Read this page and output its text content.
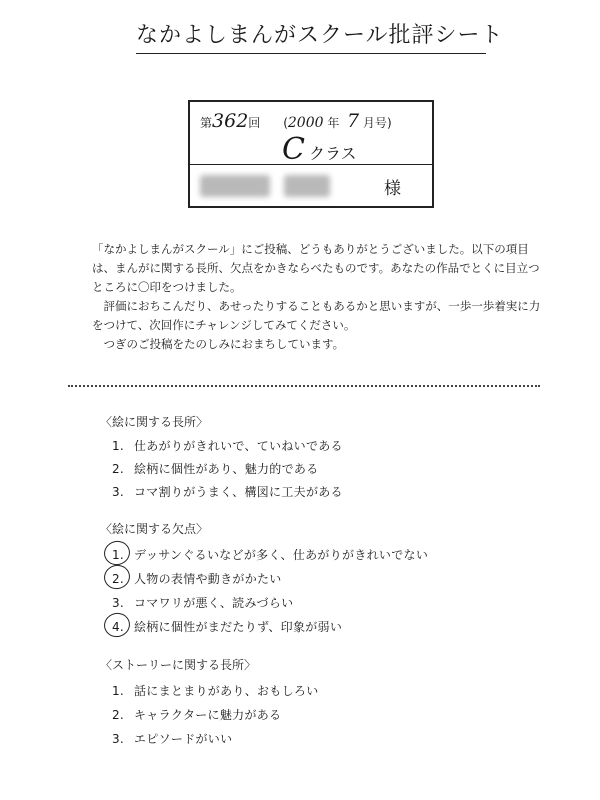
なかよしまんがスクール批評シート
第362回 (2000 年 7 月号)
Cクラス
様

「なかよしまんがスクール」にご投稿、どうもありがとうございました。以下の項目は、まんがに関する長所、欠点をかきならべたものです。あなたの作品でとくに目立つところに〇印をつけました。

評価におちこんだり、あせったりすることもあるかと思いますが、一歩一歩着実に力をつけて、次回作にチャレンジしてみてください。

つぎのご投稿をたのしみにおまちしています。

〈絵に関する長所〉
1. 仕あがりがきれいで、ていねいである
2. 絵柄に個性があり、魅力的である
3. コマ割りがうまく、構図に工夫がある
〈絵に関する欠点〉
1. デッサンぐるいなどが多く、仕あがりがきれいでない
2. 人物の表情や動きがかたい
3. コマワリが悪く、読みづらい
4. 絵柄に個性がまだたりず、印象が弱い
〈ストーリーに関する長所〉
1. 話にまとまりがあり、おもしろい
2. キャラクターに魅力がある
3. エピソードがいい
